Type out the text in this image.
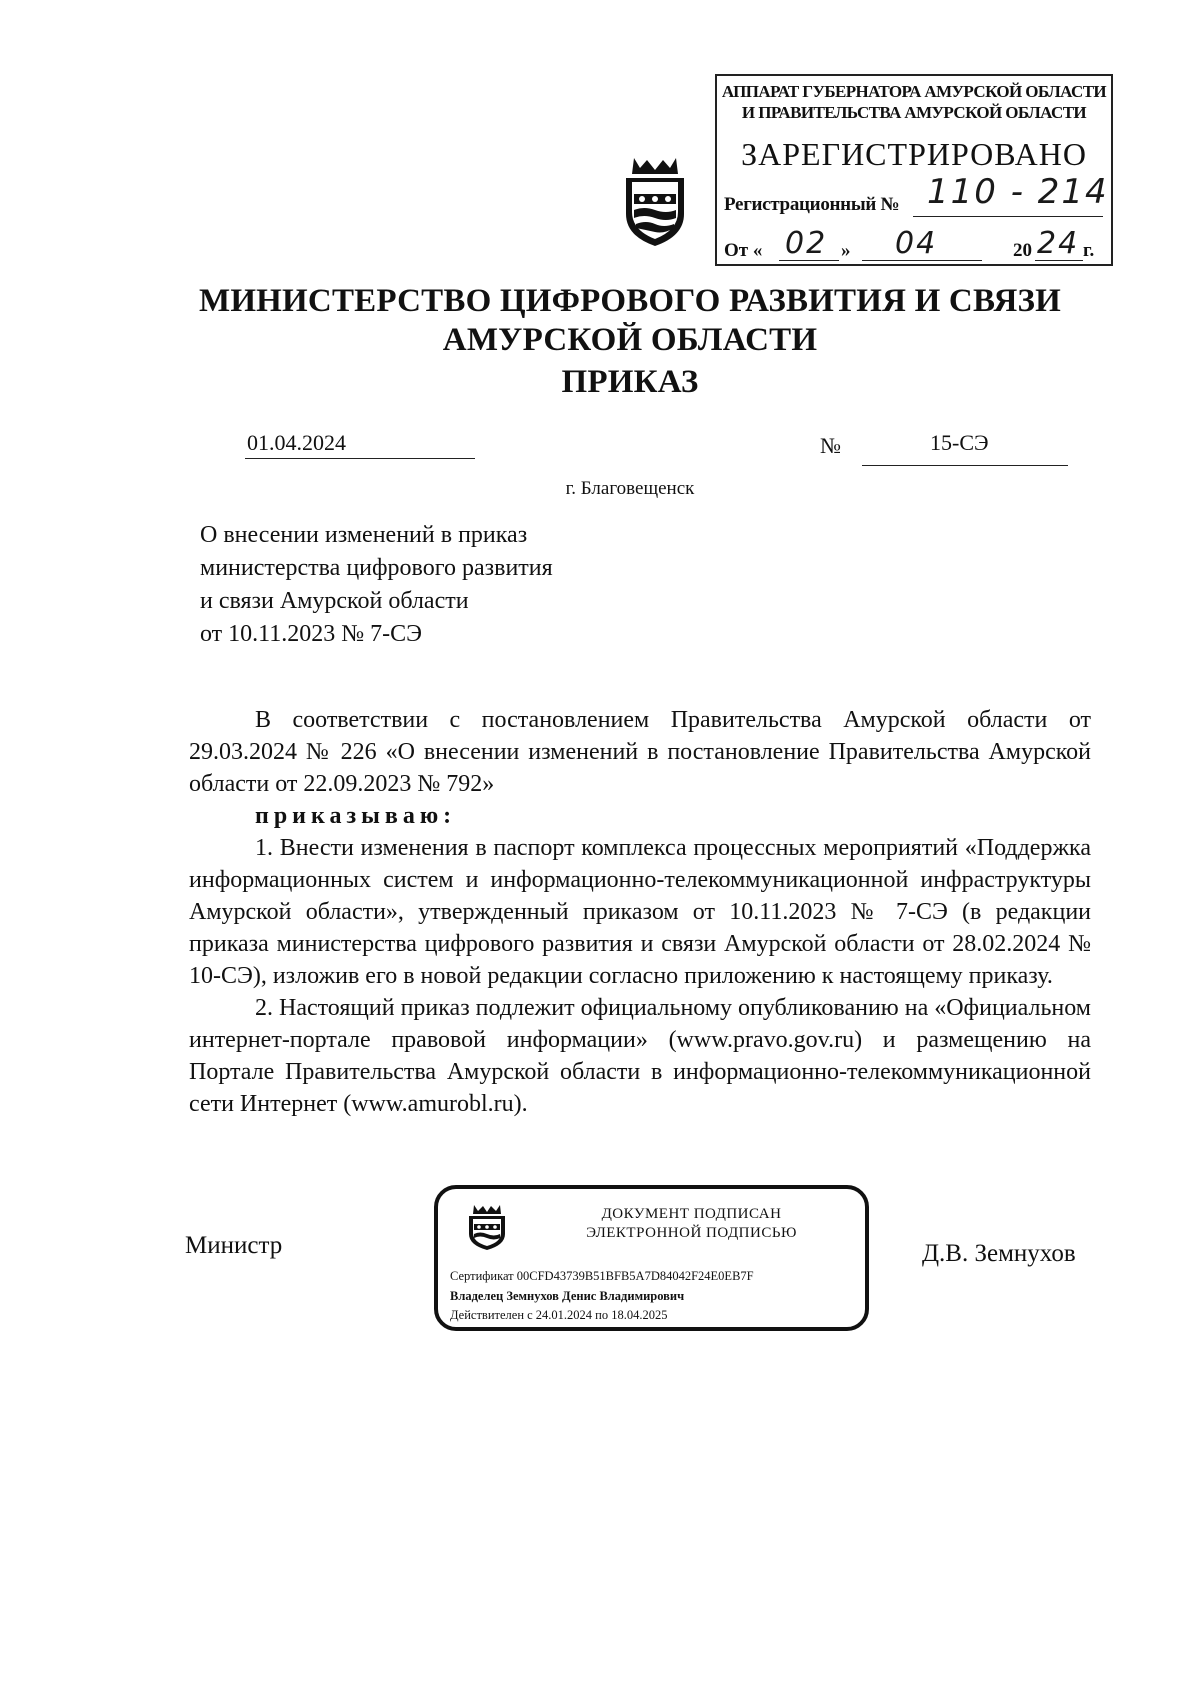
АППАРАТ ГУБЕРНАТОРА АМУРСКОЙ ОБЛАСТИ
И ПРАВИТЕЛЬСТВА АМУРСКОЙ ОБЛАСТИ
ЗАРЕГИСТРИРОВАНО
Регистрационный № 110 - 214
От « 02 » 04	20 24 г.
МИНИСТЕРСТВО ЦИФРОВОГО РАЗВИТИЯ И СВЯЗИ
АМУРСКОЙ ОБЛАСТИ
ПРИКАЗ
01.04.2024	№	15-СЭ
г. Благовещенск
О внесении изменений в приказ
министерства цифрового развития
и связи Амурской области
от 10.11.2023 № 7-СЭ

В соответствии с постановлением Правительства Амурской области от 29.03.2024 № 226 «О внесении изменений в постановление Правительства Амурской области от 22.09.2023 № 792»

приказываю:

1. Внести изменения в паспорт комплекса процессных мероприятий «Поддержка информационных систем и информационно-телекоммуникационной инфраструктуры Амурской области», утвержденный приказом от 10.11.2023 № 7-СЭ (в редакции приказа министерства цифрового развития и связи Амурской области от 28.02.2024 № 10-СЭ), изложив его в новой редакции согласно приложению к настоящему приказу.

2. Настоящий приказ подлежит официальному опубликованию на «Официальном интернет-портале правовой информации» (www.pravo.gov.ru) и размещению на Портале Правительства Амурской области в информационно-телекоммуникационной сети Интернет (www.amurobl.ru).

Министр
ДОКУМЕНТ ПОДПИСАН
ЭЛЕКТРОННОЙ ПОДПИСЬЮ
Сертификат 00CFD43739B51BFB5A7D84042F24E0EB7F
Владелец Земнухов Денис Владимирович
Действителен с 24.01.2024 по 18.04.2025
Д.В. Земнухов
